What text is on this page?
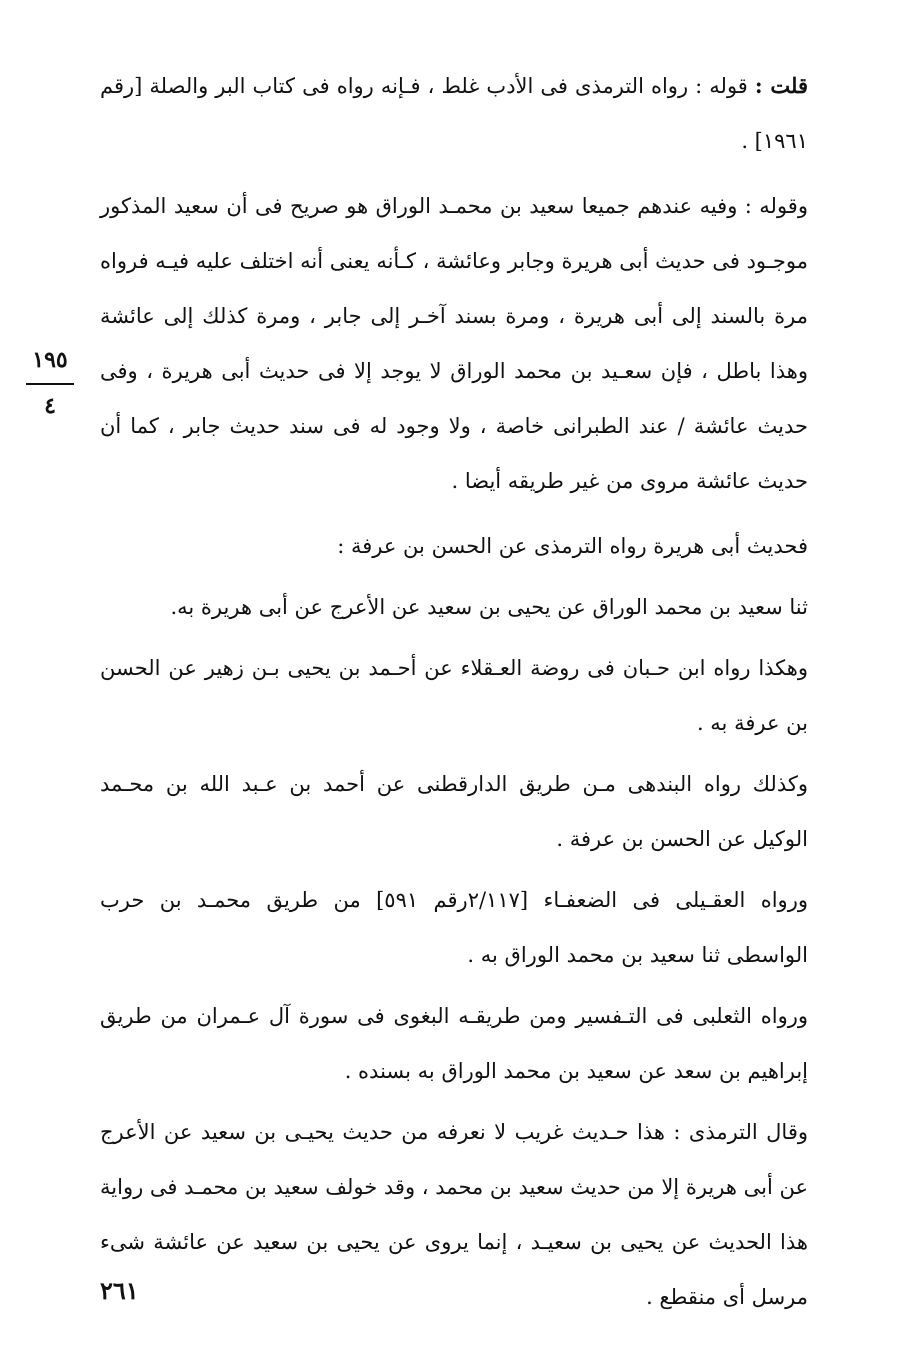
قلت : قوله : رواه الترمذى فى الأدب غلط ، فـإنه رواه فى كتاب البر والصلة [رقم ١٩٦١] .

وقوله : وفيه عندهم جميعا سعيد بن محمـد الوراق هو صريح فى أن سعيد المذكور موجـود فى حديث أبى هريرة وجابر وعائشة ، كـأنه يعنى أنه اختلف عليه فيـه فرواه مرة بالسند إلى أبى هريرة ، ومرة بسند آخـر إلى جابر ، ومرة كذلك إلى عائشة وهذا باطل ، فإن سعـيد بن محمد الوراق لا يوجد إلا فى حديث أبى هريرة ، وفى حديث عائشة / عند الطبرانى خاصة ، ولا وجود له فى سند حديث جابر ، كما أن حديث عائشة مروى من غير طريقه أيضا .

فحديث أبى هريرة رواه الترمذى عن الحسن بن عرفة :

ثنا سعيد بن محمد الوراق عن يحيى بن سعيد عن الأعرج عن أبى هريرة به.

وهكذا رواه ابن حـبان فى روضة العـقلاء عن أحـمد بن يحيى بـن زهير عن الحسن بن عرفة به .

وكذلك رواه البندهى مـن طريق الدارقطنى عن أحمد بن عـبد الله بن محـمد الوكيل عن الحسن بن عرفة .

ورواه العقـيلى فى الضعفـاء [٢/١١٧رقم ٥٩١] من طريق محمـد بن حرب الواسطى ثنا سعيد بن محمد الوراق به .

ورواه الثعلبى فى التـفسير ومن طريقـه البغوى فى سورة آل عـمران من طريق إبراهيم بن سعد عن سعيد بن محمد الوراق به بسنده .

وقال الترمذى : هذا حـديث غريب لا نعرفه من حديث يحيـى بن سعيد عن الأعرج عن أبى هريرة إلا من حديث سعيد بن محمد ، وقد خولف سعيد بن محمـد فى رواية هذا الحديث عن يحيى بن سعيـد ، إنما يروى عن يحيى بن سعيد عن عائشة شىء مرسل أى منقطع .

١٩٥
٤
٢٦١
